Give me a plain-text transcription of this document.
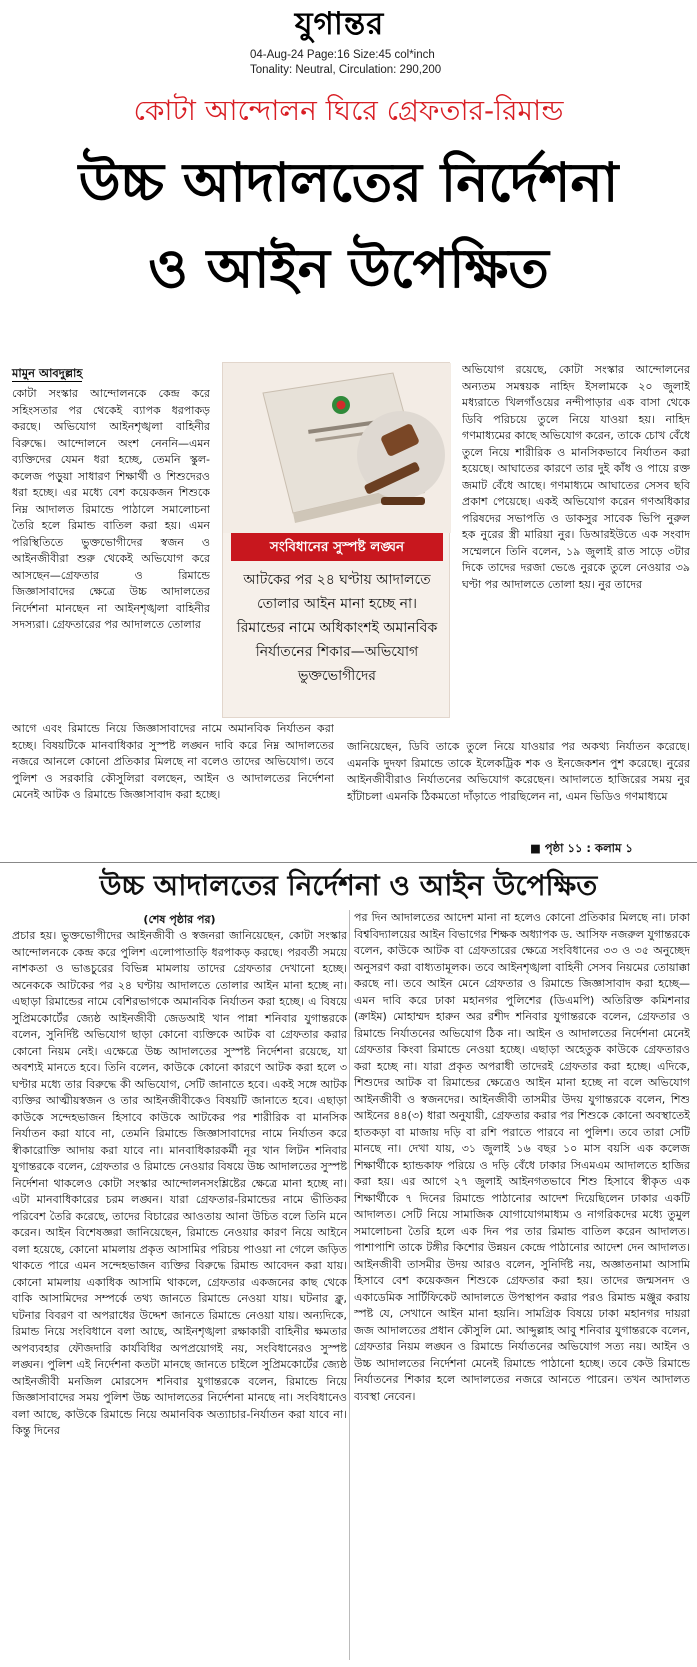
যুগান্তর
04-Aug-24 Page:16 Size:45 col*inch
Tonality: Neutral, Circulation: 290,200
কোটা আন্দোলন ঘিরে গ্রেফতার-রিমান্ড
উচ্চ আদালতের নির্দেশনা
ও আইন উপেক্ষিত
মামুন আবদুল্লাহ

কোটা সংস্কার আন্দোলনকে কেন্দ্র করে সহিংসতার পর থেকেই ব্যাপক ধরপাকড় করছে। অভিযোগ আইনশৃঙ্খলা বাহিনীর বিরুদ্ধে। আন্দোলনে অংশ নেননি—এমন ব্যক্তিদের যেমন ধরা হচ্ছে, তেমনি স্কুল-কলেজ পড়ুয়া সাধারণ শিক্ষার্থী ও শিশুদেরও ধরা হচ্ছে। এর মধ্যে বেশ কয়েকজন শিশুকে নিম্ন আদালত রিমান্ডে পাঠালে সমালোচনা তৈরি হলে রিমান্ড বাতিল করা হয়। এমন পরিস্থিতিতে ভুক্তভোগীদের স্বজন ও আইনজীবীরা শুরু থেকেই অভিযোগ করে আসছেন—গ্রেফতার ও রিমান্ডে জিজ্ঞাসাবাদের ক্ষেত্রে উচ্চ আদালতের নির্দেশনা মানছেন না আইনশৃঙ্খলা বাহিনীর সদস্যরা। গ্রেফতারের পর আদালতে তোলার

সংবিধানের সুস্পষ্ট লঙ্ঘন
আটকের পর ২৪ ঘণ্টায় আদালতে তোলার আইন মানা হচ্ছে না। রিমান্ডের নামে অধিকাংশই অমানবিক নির্যাতনের শিকার—অভিযোগ ভুক্তভোগীদের

অভিযোগ রয়েছে, কোটা সংস্কার আন্দোলনের অন্যতম সমন্বয়ক নাহিদ ইসলামকে ২০ জুলাই মধ্যরাতে খিলগাঁওয়ের নন্দীপাড়ার এক বাসা থেকে ডিবি পরিচয়ে তুলে নিয়ে যাওয়া হয়। নাহিদ গণমাধ্যমের কাছে অভিযোগ করেন, তাকে চোখ বেঁধে তুলে নিয়ে শারীরিক ও মানসিকভাবে নির্যাতন করা হয়েছে। আঘাতের কারণে তার দুই কাঁধ ও পায়ে রক্ত জমাট বেঁধে আছে। গণমাধ্যমে আঘাতের সেসব ছবি প্রকাশ পেয়েছে। একই অভিযোগ করেন গণঅধিকার পরিষদের সভাপতি ও ডাকসুর সাবেক ভিপি নুরুল হক নুরের স্ত্রী মারিয়া নুর। ডিআরইউতে এক সংবাদ সম্মেলনে তিনি বলেন, ১৯ জুলাই রাত সাড়ে ৩টার দিকে তাদের দরজা ভেঙে নুরকে তুলে নেওয়ার ৩৯ ঘণ্টা পর আদালতে তোলা হয়। নুর তাদের

আগে এবং রিমান্ডে নিয়ে জিজ্ঞাসাবাদের নামে অমানবিক নির্যাতন করা হচ্ছে। বিষয়টিকে মানবাধিকার সুস্পষ্ট লঙ্ঘন দাবি করে নিম্ন আদালতের নজরে আনলে কোনো প্রতিকার মিলছে না বলেও তাদের অভিযোগ। তবে পুলিশ ও সরকারি কৌসুলিরা বলছেন, আইন ও আদালতের নির্দেশনা মেনেই আটক ও রিমান্ডে জিজ্ঞাসাবাদ করা হচ্ছে।

জানিয়েছেন, ডিবি তাকে তুলে নিয়ে যাওয়ার পর অকথ্য নির্যাতন করেছে। এমনকি দুদফা রিমান্ডে তাকে ইলেকট্রিক শক ও ইনজেকশন পুশ করেছে। নুরের আইনজীবীরাও নির্যাতনের অভিযোগ করেছেন। আদালতে হাজিরের সময় নুর হাঁটাচলা এমনকি ঠিকমতো দাঁড়াতে পারছিলেন না, এমন ভিডিও গণমাধ্যমে

■ পৃষ্ঠা ১১ : কলাম ১
উচ্চ আদালতের নির্দেশনা ও আইন উপেক্ষিত
(শেষ পৃষ্ঠার পর)

প্রচার হয়। ভুক্তভোগীদের আইনজীবী ও স্বজনরা জানিয়েছেন, কোটা সংস্কার আন্দোলনকে কেন্দ্র করে পুলিশ এলোপাতাড়ি ধরপাকড় করছে। পরবর্তী সময়ে নাশকতা ও ভাঙচুরের বিভিন্ন মামলায় তাদের গ্রেফতার দেখানো হচ্ছে। অনেককে আটকের পর ২৪ ঘণ্টায় আদালতে তোলার আইন মানা হচ্ছে না। এছাড়া রিমান্ডের নামে বেশিরভাগকে অমানবিক নির্যাতন করা হচ্ছে। এ বিষয়ে সুপ্রিমকোর্টের জ্যেষ্ঠ আইনজীবী জেডআই খান পান্না শনিবার যুগান্তরকে বলেন, সুনির্দিষ্ট অভিযোগ ছাড়া কোনো ব্যক্তিকে আটক বা গ্রেফতার করার কোনো নিয়ম নেই। এক্ষেত্রে উচ্চ আদালতের সুস্পষ্ট নির্দেশনা রয়েছে, যা অবশ্যই মানতে হবে। তিনি বলেন, কাউকে কোনো কারণে আটক করা হলে ৩ ঘণ্টার মধ্যে তার বিরুদ্ধে কী অভিযোগ, সেটি জানাতে হবে। একই সঙ্গে আটক ব্যক্তির আত্মীয়স্বজন ও তার আইনজীবীকেও বিষয়টি জানাতে হবে। এছাড়া কাউকে সন্দেহভাজন হিসাবে কাউকে আটকের পর শারীরিক বা মানসিক নির্যাতন করা যাবে না, তেমনি রিমান্ডে জিজ্ঞাসাবাদের নামে নির্যাতন করে স্বীকারোক্তি আদায় করা যাবে না। মানবাধিকারকর্মী নূর খান লিটন শনিবার যুগান্তরকে বলেন, গ্রেফতার ও রিমান্ডে নেওয়ার বিষয়ে উচ্চ আদালতের সুস্পষ্ট নির্দেশনা থাকলেও কোটা সংস্কার আন্দোলনসংশ্লিষ্টের ক্ষেত্রে মানা হচ্ছে না। এটা মানবাধিকারের চরম লঙ্ঘন। যারা গ্রেফতার-রিমান্ডের নামে ভীতিকর পরিবেশ তৈরি করেছে, তাদের বিচারের আওতায় আনা উচিত বলে তিনি মনে করেন। আইন বিশেষজ্ঞরা জানিয়েছেন, রিমান্ডে নেওয়ার কারণ নিয়ে আইনে বলা হয়েছে, কোনো মামলায় প্রকৃত আসামির পরিচয় পাওয়া না গেলে জড়িত থাকতে পারে এমন সন্দেহভাজন ব্যক্তির বিরুদ্ধে রিমান্ড আবেদন করা যায়। কোনো মামলায় একাধিক আসামি থাকলে, গ্রেফতার একজনের কাছ থেকে বাকি আসামিদের সম্পর্কে তথ্য জানতে রিমান্ডে নেওয়া যায়। ঘটনার ক্লু, ঘটনার বিবরণ বা অপরাধের উদ্দেশ জানতে রিমান্ডে নেওয়া যায়। অন্যদিকে, রিমান্ড নিয়ে সংবিধানে বলা আছে, আইনশৃঙ্খলা রক্ষাকারী বাহিনীর ক্ষমতার অপব্যবহার ফৌজদারি কার্যবিধির অপপ্রয়োগই নয়, সংবিধানেরও সুস্পষ্ট লঙ্ঘন। পুলিশ এই নির্দেশনা কতটা মানছে জানতে চাইলে সুপ্রিমকোর্টের জ্যেষ্ঠ আইনজীবী মনজিল মোরসেদ শনিবার যুগান্তরকে বলেন, রিমান্ডে নিয়ে জিজ্ঞাসাবাদের সময় পুলিশ উচ্চ আদালতের নির্দেশনা মানছে না। সংবিধানেও বলা আছে, কাউকে রিমান্ডে নিয়ে অমানবিক অত্যাচার-নির্যাতন করা যাবে না। কিন্তু দিনের

পর দিন আদালতের আদেশ মানা না হলেও কোনো প্রতিকার মিলছে না। ঢাকা বিশ্ববিদ্যালয়ের আইন বিভাগের শিক্ষক অধ্যাপক ড. আসিফ নজরুল যুগান্তরকে বলেন, কাউকে আটক বা গ্রেফতারের ক্ষেত্রে সংবিধানের ৩৩ ও ৩৫ অনুচ্ছেদ অনুসরণ করা বাধ্যতামূলক। তবে আইনশৃঙ্খলা বাহিনী সেসব নিয়মের তোয়াক্কা করছে না। তবে আইন মেনে গ্রেফতার ও রিমান্ডে জিজ্ঞাসাবাদ করা হচ্ছে—এমন দাবি করে ঢাকা মহানগর পুলিশের (ডিএমপি) অতিরিক্ত কমিশনার (ক্রাইম) মোহাম্মদ হারুন অর রশীদ শনিবার যুগান্তরকে বলেন, গ্রেফতার ও রিমান্ডে নির্যাতনের অভিযোগ ঠিক না। আইন ও আদালতের নির্দেশনা মেনেই গ্রেফতার কিংবা রিমান্ডে নেওয়া হচ্ছে। এছাড়া অহেতুক কাউকে গ্রেফতারও করা হচ্ছে না। যারা প্রকৃত অপরাধী তাদেরই গ্রেফতার করা হচ্ছে। এদিকে, শিশুদের আটক বা রিমান্ডের ক্ষেত্রেও আইন মানা হচ্ছে না বলে অভিযোগ আইনজীবী ও স্বজনদের। আইনজীবী তাসমীর উদয় যুগান্তরকে বলেন, শিশু আইনের ৪৪(৩) ধারা অনুযায়ী, গ্রেফতার করার পর শিশুকে কোনো অবস্থাতেই হাতকড়া বা মাজায় দড়ি বা রশি পরাতে পারবে না পুলিশ। তবে তারা সেটি মানছে না। দেখা যায়, ৩১ জুলাই ১৬ বছর ১০ মাস বয়সি এক কলেজ শিক্ষার্থীকে হ্যান্ডকাফ পরিয়ে ও দড়ি বেঁধে ঢাকার সিএমএম আদালতে হাজির করা হয়। এর আগে ২৭ জুলাই আইনগতভাবে শিশু হিসাবে স্বীকৃত এক শিক্ষার্থীকে ৭ দিনের রিমান্ডে পাঠানোর আদেশ দিয়েছিলেন ঢাকার একটি আদালত। সেটি নিয়ে সামাজিক যোগাযোগমাধ্যম ও নাগরিকদের মধ্যে তুমুল সমালোচনা তৈরি হলে এক দিন পর তার রিমান্ড বাতিল করেন আদালত। পাশাপাশি তাকে টঙ্গীর কিশোর উন্নয়ন কেন্দ্রে পাঠানোর আদেশ দেন আদালত। আইনজীবী তাসমীর উদয় আরও বলেন, সুনির্দিষ্ট নয়, অজ্ঞাতনামা আসামি হিসাবে বেশ কয়েকজন শিশুকে গ্রেফতার করা হয়। তাদের জন্মসনদ ও একাডেমিক সার্টিফিকেট আদালতে উপস্থাপন করার পরও রিমান্ড মঞ্জুর করায় স্পষ্ট যে, সেখানে আইন মানা হয়নি। সামগ্রিক বিষয়ে ঢাকা মহানগর দায়রা জজ আদালতের প্রধান কৌসুলি মো. আব্দুল্লাহ আবু শনিবার যুগান্তরকে বলেন, গ্রেফতার নিয়ম লঙ্ঘন ও রিমান্ডে নির্যাতনের অভিযোগ সত্য নয়। আইন ও উচ্চ আদালতের নির্দেশনা মেনেই রিমান্ডে পাঠানো হচ্ছে। তবে কেউ রিমান্ডে নির্যাতনের শিকার হলে আদালতের নজরে আনতে পারেন। তখন আদালত ব্যবস্থা নেবেন।
